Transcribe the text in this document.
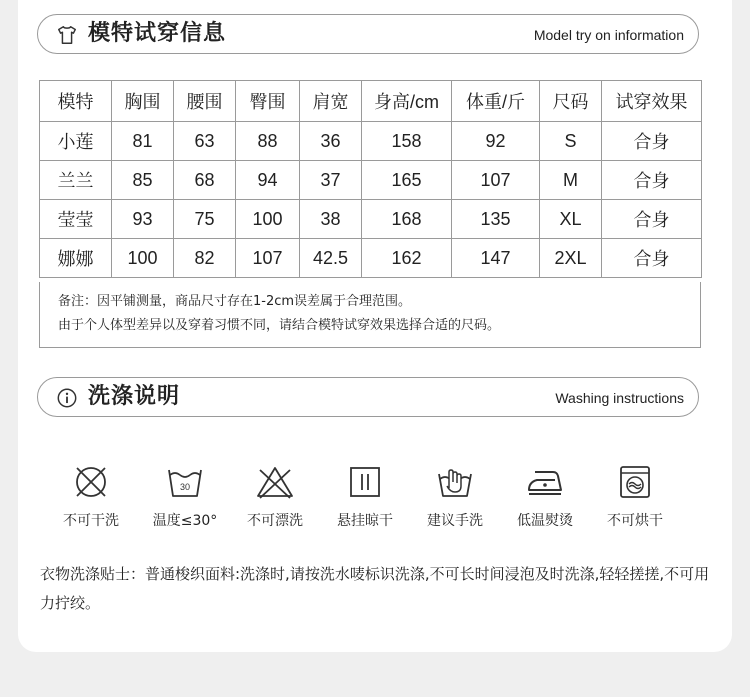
模特试穿信息	Model try on information
模特	胸围	腰围	臀围	肩宽	身高/cm	体重/斤	尺码	试穿效果
小莲	81	63	88	36	158	92	S	合身
兰兰	85	68	94	37	165	107	M	合身
莹莹	93	75	100	38	168	135	XL	合身
娜娜	100	82	107	42.5	162	147	2XL	合身
备注：因平铺测量，商品尺寸存在1-2cm误差属于合理范围。
由于个人体型差异以及穿着习惯不同，请结合模特试穿效果选择合适的尺码。
洗涤说明	Washing instructions
不可干洗
30
温度≤30°	不可漂洗	悬挂晾干	建议手洗	低温熨烫	不可烘干
衣物洗涤贴士：普通梭织面料:洗涤时,请按洗水唛标识洗涤,不可长时间浸泡及时洗涤,轻轻搓搓,不可用力拧绞。
